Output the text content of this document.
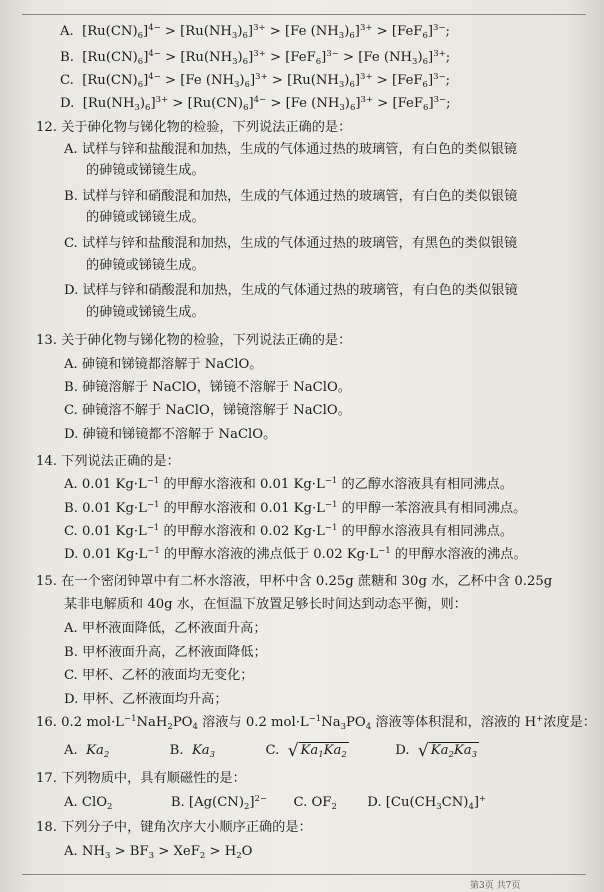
A. $[Ru(CN)_6]^{4-} > [Ru(NH_3)_6]^{3+} > [Fe$ $(NH_3)_6]^{3+} > [FeF_6]^{3-}$;
B. $[Ru(CN)_6]^{4-} > [Ru(NH_3)_6]^{3+} > [FeF_6]^{3-} > [Fe$ $(NH_3)_6]^{3+}$;
C. $[Ru(CN)_6]^{4-} > [Fe$ $(NH_3)_6]^{3+} > [Ru(NH_3)_6]^{3+} > [FeF_6]^{3-}$;
D. $[Ru(NH_3)_6]^{3+} > [Ru(CN)_6]^{4-} > [Fe$ $(NH_3)_6]^{3+} > [FeF_6]^{3-}$;
12. 关于砷化物与锑化物的检验，下列说法正确的是：
A. 试样与锌和盐酸混和加热，生成的气体通过热的玻璃管，有白色的类似银镜
的砷镜或锑镜生成。
B. 试样与锌和硝酸混和加热，生成的气体通过热的玻璃管，有白色的类似银镜
的砷镜或锑镜生成。
C. 试样与锌和盐酸混和加热，生成的气体通过热的玻璃管，有黑色的类似银镜
的砷镜或锑镜生成。
D. 试样与锌和硝酸混和加热，生成的气体通过热的玻璃管，有白色的类似银镜
的砷镜或锑镜生成。
13. 关于砷化物与锑化物的检验，下列说法正确的是：
A. 砷镜和锑镜都溶解于 NaClO。
B. 砷镜溶解于 NaClO，锑镜不溶解于 NaClO。
C. 砷镜溶不解于 NaClO，锑镜溶解于 NaClO。
D. 砷镜和锑镜都不溶解于 NaClO。
14. 下列说法正确的是：
A. 0.01 $Kg\cdot L^{-1}$ 的甲醇水溶液和 0.01 $Kg\cdot L^{-1}$ 的乙醇水溶液具有相同沸点。
B. 0.01 $Kg\cdot L^{-1}$ 的甲醇水溶液和 0.01 $Kg\cdot L^{-1}$ 的甲醇一苯溶液具有相同沸点。
C. 0.01 $Kg\cdot L^{-1}$ 的甲醇水溶液和 0.02 $Kg\cdot L^{-1}$ 的甲醇水溶液具有相同沸点。
D. 0.01 $Kg\cdot L^{-1}$ 的甲醇水溶液的沸点低于 0.02 $Kg\cdot L^{-1}$ 的甲醇水溶液的沸点。
15. 在一个密闭钟罩中有二杯水溶液，甲杯中含 0.25g 蔗糖和 30g 水，乙杯中含 0.25g
某非电解质和 40g 水，在恒温下放置足够长时间达到动态平衡，则：
A. 甲杯液面降低，乙杯液面升高；
B. 甲杯液面升高，乙杯液面降低；
C. 甲杯、乙杯的液面均无变化；
D. 甲杯、乙杯液面均升高；
16. 0.2 $mol\cdot L^{-1}NaH_2PO_4$ 溶液与 0.2 $mol\cdot L^{-1}Na_3PO_4$ 溶液等体积混和，溶液的 H+浓度是：
A. $Ka_2$	B. $Ka_3$	C. √ $Ka_1Ka_2$	D. √ $Ka_2Ka_3$
17. 下列物质中，具有顺磁性的是：
A. ClO$_2$	B. $[Ag(CN)_2]^{2-}$ C. $OF_2$ D. $[Cu(CH_3CN)_4]^+$
18. 下列分子中，键角次序大小顺序正确的是：
A. $NH_3 > BF_3 > XeF_2 > H_2O$
第3页 共7页
